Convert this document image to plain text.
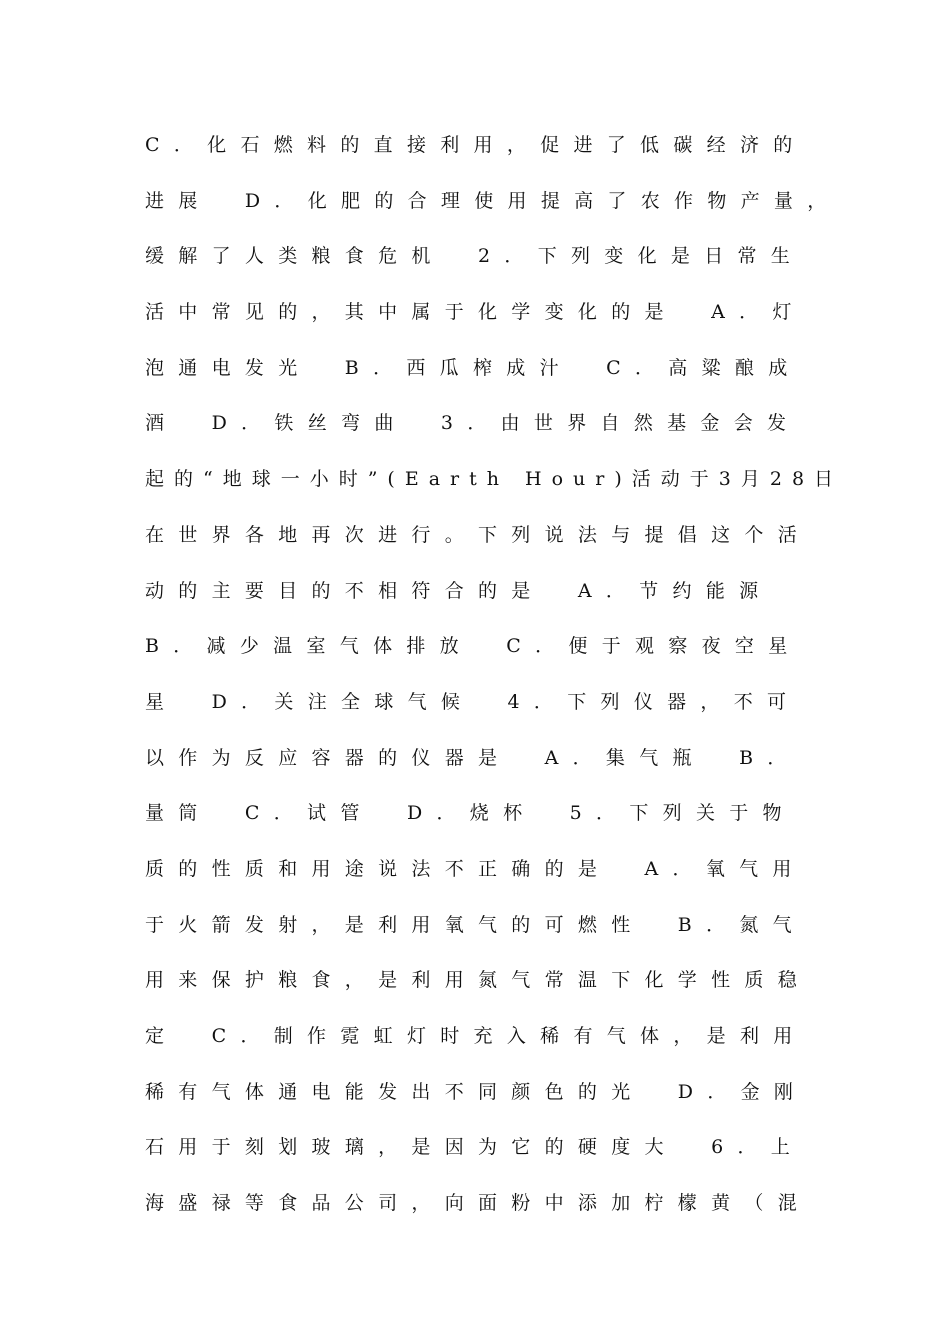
C．化石燃料的直接利用，促进了低碳经济的
进展　D．化肥的合理使用提高了农作物产量，
缓解了人类粮食危机　2．下列变化是日常生
活中常见的，其中属于化学变化的是　A．灯
泡通电发光　B．西瓜榨成汁　C．高粱酿成
酒　D．铁丝弯曲　3．由世界自然基金会发
起的“地球一小时”(Earth Hour)活动于3月28日
在世界各地再次进行。下列说法与提倡这个活
动的主要目的不相符合的是　A．节约能源
B．减少温室气体排放　C．便于观察夜空星
星　D．关注全球气候　4．下列仪器，不可
以作为反应容器的仪器是　A．集气瓶　B．
量筒　C．试管　D．烧杯　5．下列关于物
质的性质和用途说法不正确的是　A．氧气用
于火箭发射，是利用氧气的可燃性　B．氮气
用来保护粮食，是利用氮气常温下化学性质稳
定　C．制作霓虹灯时充入稀有气体，是利用
稀有气体通电能发出不同颜色的光　D．金刚
石用于刻划玻璃，是因为它的硬度大　6．上
海盛禄等食品公司，向面粉中添加柠檬黄（混
